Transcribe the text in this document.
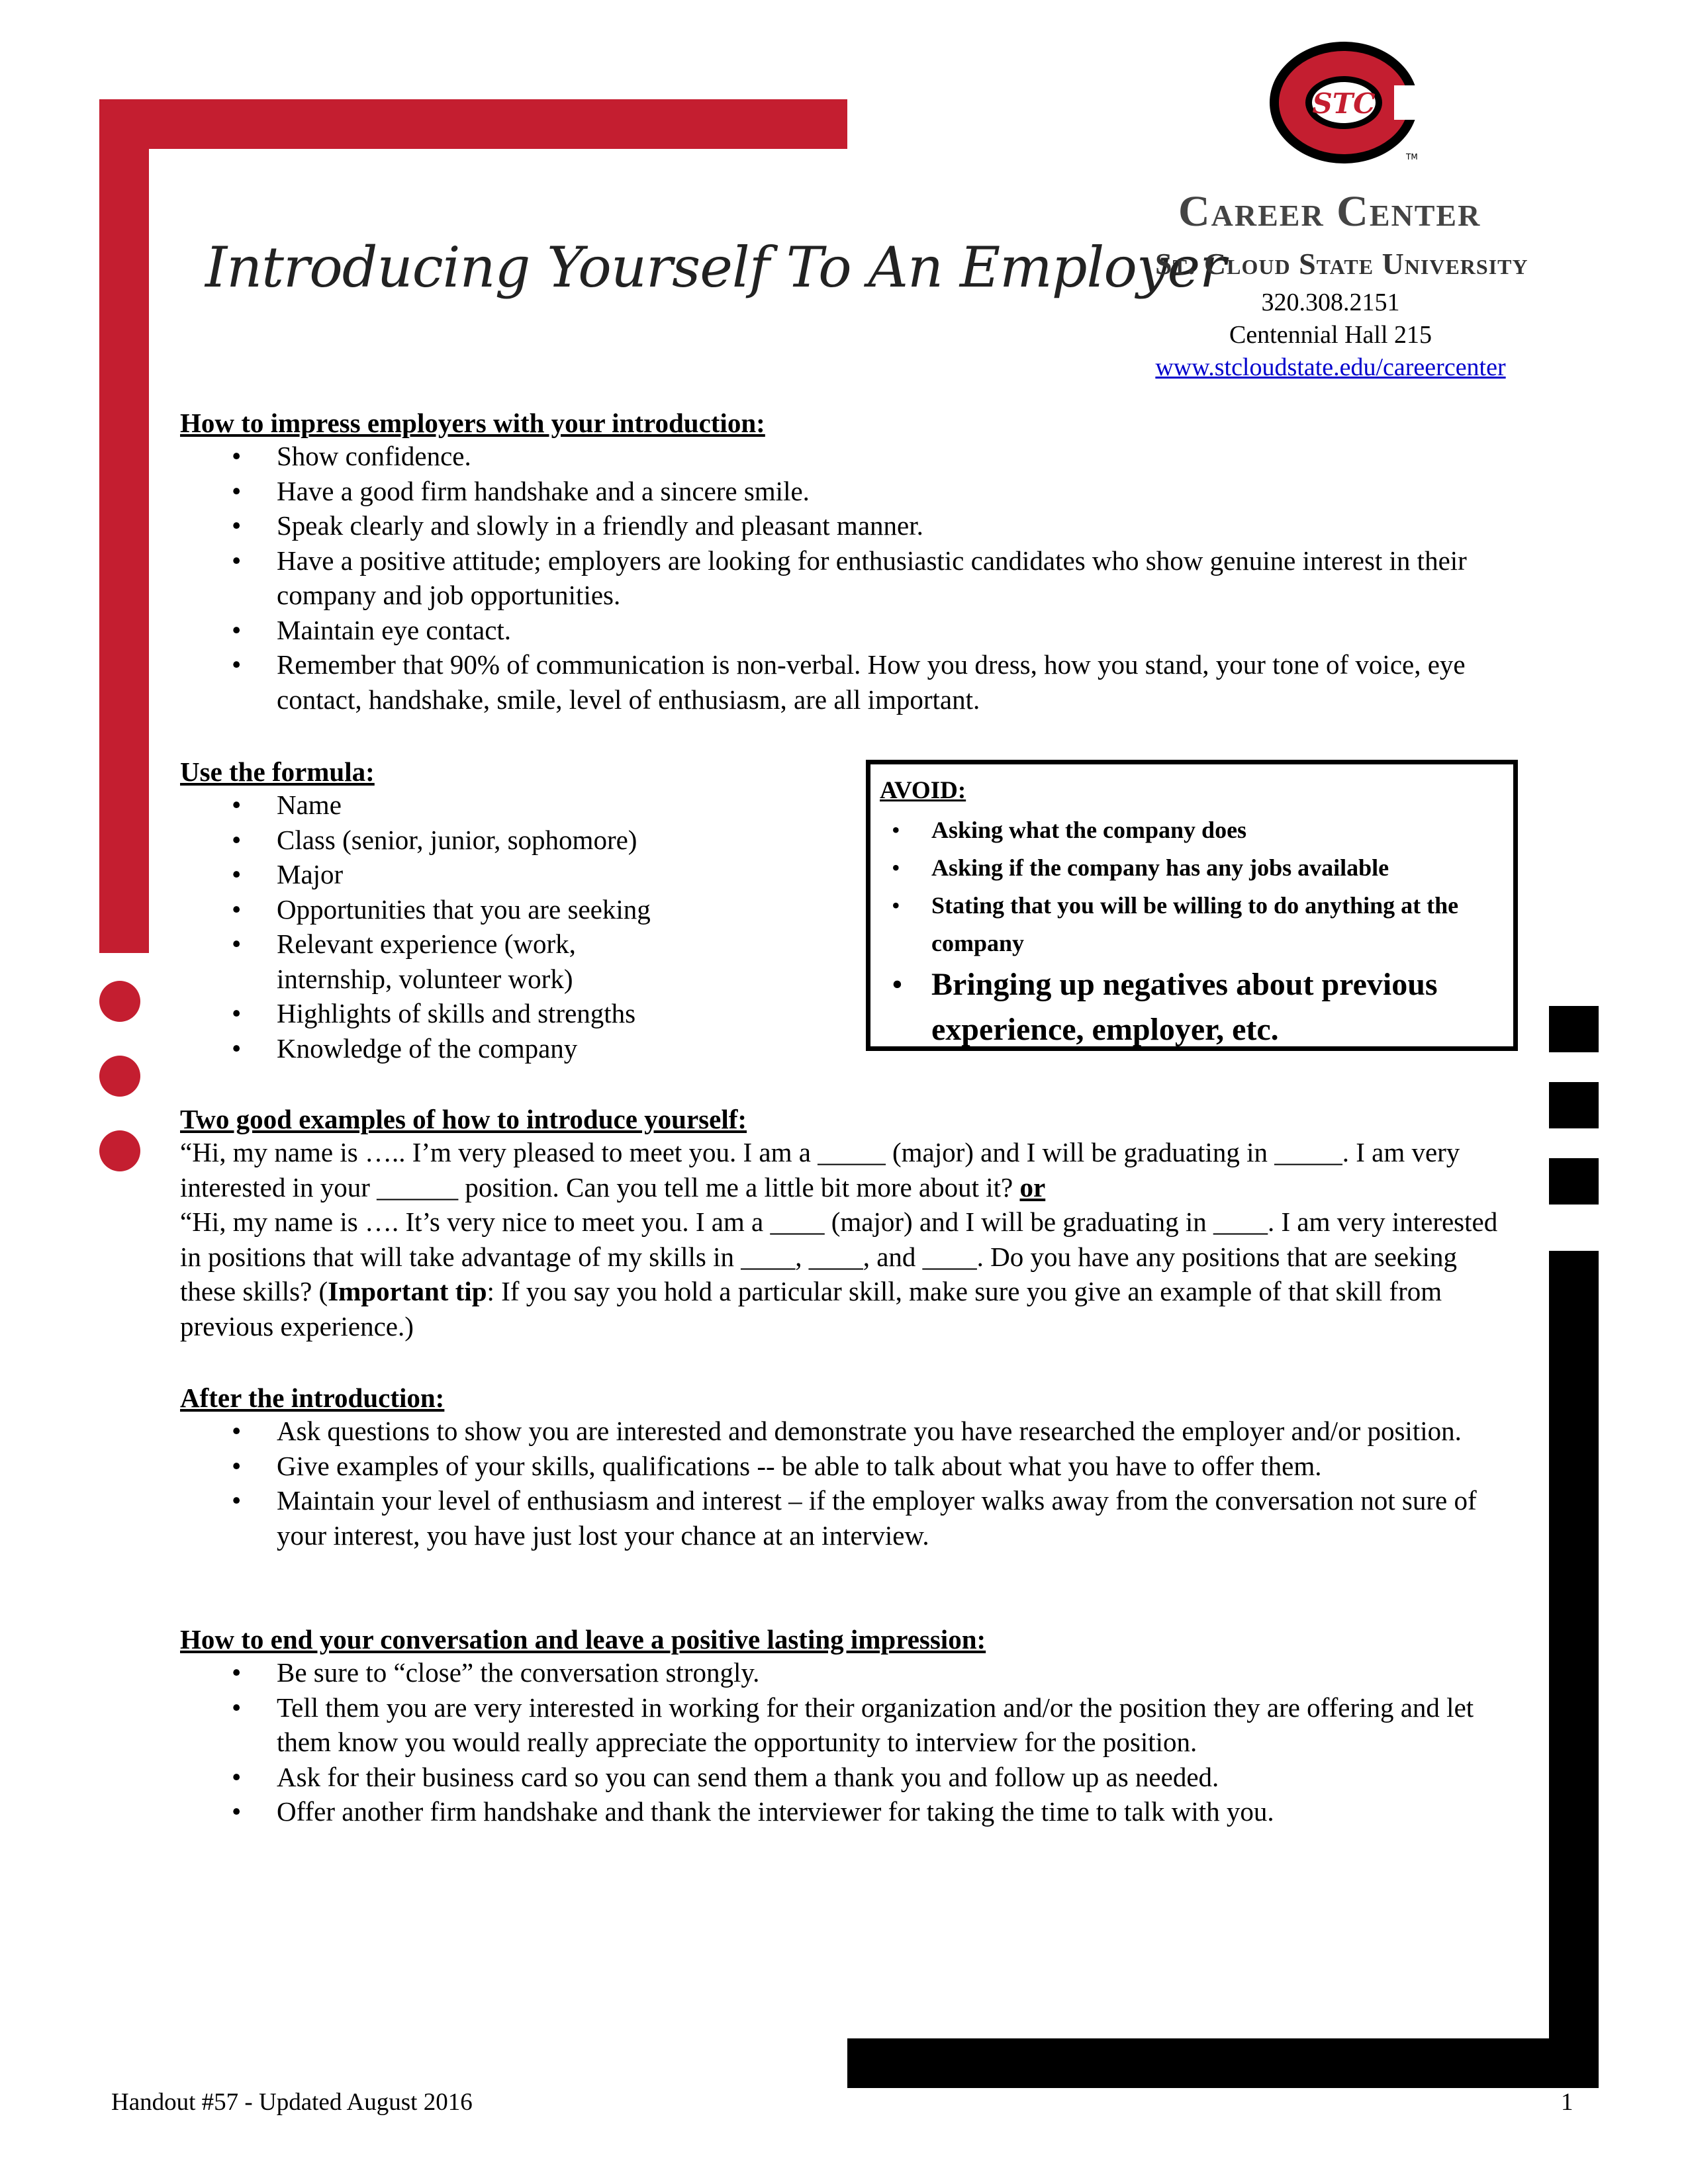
Introducing Yourself To An Employer
STC
TM
Career Center
St. Cloud State University
320.308.2151
Centennial Hall 215
www.stcloudstate.edu/careercenter
How to impress employers with your introduction:
• Show confidence.
• Have a good firm handshake and a sincere smile.
• Speak clearly and slowly in a friendly and pleasant manner.
• Have a positive attitude; employers are looking for enthusiastic candidates who show genuine interest in their company and job opportunities.
• Maintain eye contact.
• Remember that 90% of communication is non-verbal. How you dress, how you stand, your tone of voice, eye contact, handshake, smile, level of enthusiasm, are all important.
Use the formula:
• Name
• Class (senior, junior, sophomore)
• Major
• Opportunities that you are seeking
• Relevant experience (work, internship, volunteer work)
• Highlights of skills and strengths
• Knowledge of the company
AVOID:
• Asking what the company does
• Asking if the company has any jobs available
• Stating that you will be willing to do anything at the company
• Bringing up negatives about previous experience, employer, etc.
Two good examples of how to introduce yourself:
“Hi, my name is ….. I’m very pleased to meet you. I am a _____ (major) and I will be graduating in _____. I am very interested in your ______ position. Can you tell me a little bit more about it? or
“Hi, my name is …. It’s very nice to meet you. I am a ____ (major) and I will be graduating in ____. I am very interested in positions that will take advantage of my skills in ____, ____, and ____. Do you have any positions that are seeking these skills? (Important tip: If you say you hold a particular skill, make sure you give an example of that skill from previous experience.)
After the introduction:
• Ask questions to show you are interested and demonstrate you have researched the employer and/or position.
• Give examples of your skills, qualifications -- be able to talk about what you have to offer them.
• Maintain your level of enthusiasm and interest – if the employer walks away from the conversation not sure of your interest, you have just lost your chance at an interview.
How to end your conversation and leave a positive lasting impression:
• Be sure to “close” the conversation strongly.
• Tell them you are very interested in working for their organization and/or the position they are offering and let them know you would really appreciate the opportunity to interview for the position.
• Ask for their business card so you can send them a thank you and follow up as needed.
• Offer another firm handshake and thank the interviewer for taking the time to talk with you.
Handout #57 - Updated August 2016	1
